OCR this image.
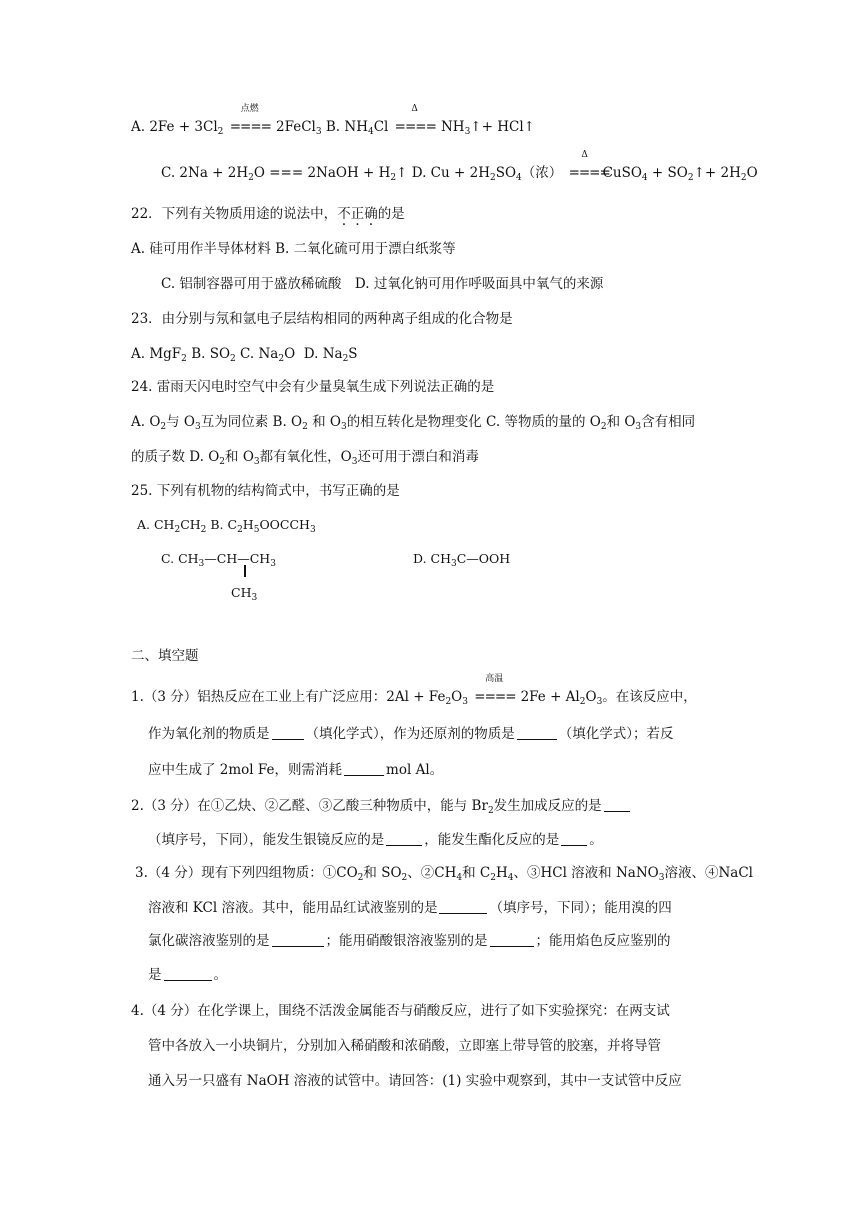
A. $2Fe + 3Cl_2$
点燃
==== 2FeCl$_3$ B. $NH_4Cl$
Δ
==== $NH_3↑+$ HCl↑
C. $2Na + 2H_2O$ === 2NaOH + $H_2↑$ D. $Cu + 2H_2SO_4$（浓）
Δ
====CuSO$_4$ + $SO_2↑+ 2H_2O$
22．下列有关物质用途的说法中，不正确的是
A. 硅可用作半导体材料 B. 二氧化硫可用于漂白纸浆等
C. 铝制容器可用于盛放稀硫酸　D. 过氧化钠可用作呼吸面具中氧气的来源
23．由分别与氖和氩电子层结构相同的两种离子组成的化合物是
A. MgF$_2$ B. $SO_2$ C. $Na_2O$ D. $Na_2S$
24. 雷雨天闪电时空气中会有少量臭氧生成下列说法正确的是
A. $O_2$与 $O_3$互为同位素 B. $O_2$ 和 $O_3$的相互转化是物理变化 C. 等物质的量的 $O_2$和 $O_3$含有相同
的质子数 D. $O_2$和 $O_3$都有氧化性，$O_3$还可用于漂白和消毒
25. 下列有机物的结构简式中，书写正确的是
A. $CH_2CH_2$ B. $C_2H_5OOCCH_3$
C. $CH_3—CH—CH_3$
$CH_3$
D. $CH_3C—OOH$
二、填空题
1.（3 分）铝热反应在工业上有广泛应用：$2Al + Fe_2O_3$
高温
==== $2Fe + Al_2O_3$。在该反应中，
作为氧化剂的物质是	（填化学式），作为还原剂的物质是	（填化学式）；若反
应中生成了 2mol Fe，则需消耗	mol Al。
2.（3 分）在①乙炔、②乙醛、③乙酸三种物质中，能与 $Br_2$发生加成反应的是
（填序号，下同），能发生银镜反应的是	，能发生酯化反应的是 。
3.（4 分）现有下列四组物质：$①CO_2$和 $SO_2$、$②CH_4$和 $C_2H_4$、③HCl 溶液和 NaNO$_3$溶液、④NaCl
溶液和 KCl 溶液。其中，能用品红试液鉴别的是	（填序号，下同）；能用溴的四
氯化碳溶液鉴别的是	；能用硝酸银溶液鉴别的是	；能用焰色反应鉴别的
是	。
4.（4 分）在化学课上，围绕不活泼金属能否与硝酸反应，进行了如下实验探究：在两支试
管中各放入一小块铜片，分别加入稀硝酸和浓硝酸，立即塞上带导管的胶塞，并将导管
通入另一只盛有 NaOH 溶液的试管中。请回答：(1) 实验中观察到，其中一支试管中反应
